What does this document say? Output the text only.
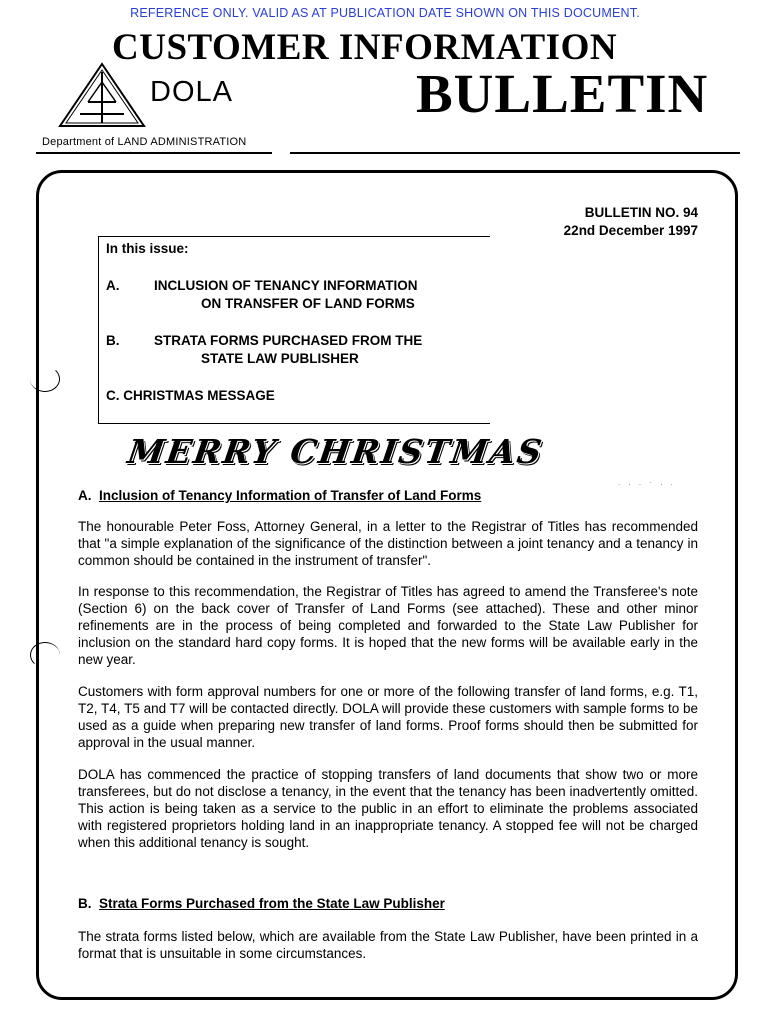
REFERENCE ONLY. VALID AS AT PUBLICATION DATE SHOWN ON THIS DOCUMENT.
CUSTOMER INFORMATION
BULLETIN
DOLA
Department of LAND ADMINISTRATION
BULLETIN NO. 94
22nd December 1997
In this issue:
A.	INCLUSION OF TENANCY INFORMATION
ON TRANSFER OF LAND FORMS
B.	STRATA FORMS PURCHASED FROM THE
STATE LAW PUBLISHER
C. CHRISTMAS MESSAGE
MERRY CHRISTMAS
. . . · . .
A. Inclusion of Tenancy Information of Transfer of Land Forms
The honourable Peter Foss, Attorney General, in a letter to the Registrar of Titles has recommended that "a simple explanation of the significance of the distinction between a joint tenancy and a tenancy in common should be contained in the instrument of transfer".
In response to this recommendation, the Registrar of Titles has agreed to amend the Transferee's note (Section 6) on the back cover of Transfer of Land Forms (see attached). These and other minor refinements are in the process of being completed and forwarded to the State Law Publisher for inclusion on the standard hard copy forms. It is hoped that the new forms will be available early in the new year.
Customers with form approval numbers for one or more of the following transfer of land forms, e.g. T1, T2, T4, T5 and T7 will be contacted directly. DOLA will provide these customers with sample forms to be used as a guide when preparing new transfer of land forms. Proof forms should then be submitted for approval in the usual manner.
DOLA has commenced the practice of stopping transfers of land documents that show two or more transferees, but do not disclose a tenancy, in the event that the tenancy has been inadvertently omitted. This action is being taken as a service to the public in an effort to eliminate the problems associated with registered proprietors holding land in an inappropriate tenancy. A stopped fee will not be charged when this additional tenancy is sought.
B. Strata Forms Purchased from the State Law Publisher
The strata forms listed below, which are available from the State Law Publisher, have been printed in a format that is unsuitable in some circumstances.
